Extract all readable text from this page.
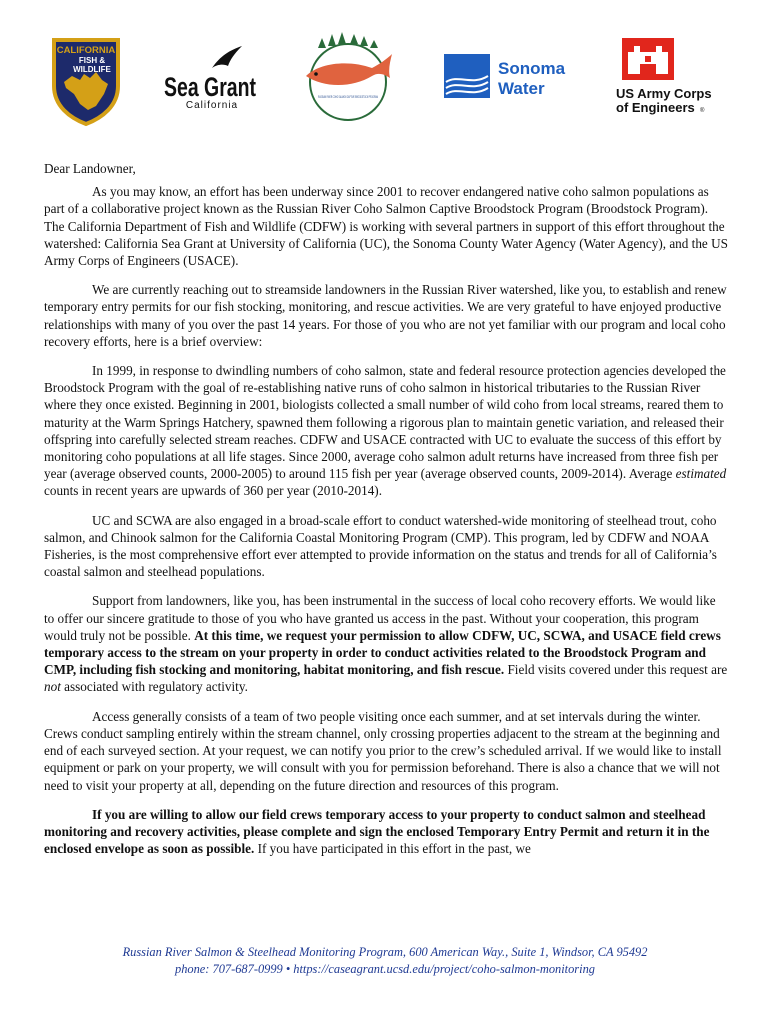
CALIFORNIA
FISH &
WILDLIFE
Sea Grant
California
RUSSIAN RIVER COHO SALMON CAPTIVE BROODSTOCK PROGRAM
Sonoma
Water	US Army Corps
of Engineers ®

Dear Landowner,

As you may know, an effort has been underway since 2001 to recover endangered native coho salmon populations as part of a collaborative project known as the Russian River Coho Salmon Captive Broodstock Program (Broodstock Program). The California Department of Fish and Wildlife (CDFW) is working with several partners in support of this effort throughout the watershed: California Sea Grant at University of California (UC), the Sonoma County Water Agency (Water Agency), and the US Army Corps of Engineers (USACE).

We are currently reaching out to streamside landowners in the Russian River watershed, like you, to establish and renew temporary entry permits for our fish stocking, monitoring, and rescue activities. We are very grateful to have enjoyed productive relationships with many of you over the past 14 years. For those of you who are not yet familiar with our program and local coho recovery efforts, here is a brief overview:

In 1999, in response to dwindling numbers of coho salmon, state and federal resource protection agencies developed the Broodstock Program with the goal of re-establishing native runs of coho salmon in historical tributaries to the Russian River where they once existed. Beginning in 2001, biologists collected a small number of wild coho from local streams, reared them to maturity at the Warm Springs Hatchery, spawned them following a rigorous plan to maintain genetic variation, and released their offspring into carefully selected stream reaches. CDFW and USACE contracted with UC to evaluate the success of this effort by monitoring coho populations at all life stages. Since 2000, average coho salmon adult returns have increased from three fish per year (average observed counts, 2000-2005) to around 115 fish per year (average observed counts, 2009-2014). Average estimated counts in recent years are upwards of 360 per year (2010-2014).

UC and SCWA are also engaged in a broad-scale effort to conduct watershed-wide monitoring of steelhead trout, coho salmon, and Chinook salmon for the California Coastal Monitoring Program (CMP). This program, led by CDFW and NOAA Fisheries, is the most comprehensive effort ever attempted to provide information on the status and trends for all of California’s coastal salmon and steelhead populations.

Support from landowners, like you, has been instrumental in the success of local coho recovery efforts. We would like to offer our sincere gratitude to those of you who have granted us access in the past. Without your cooperation, this program would truly not be possible. At this time, we request your permission to allow CDFW, UC, SCWA, and USACE field crews temporary access to the stream on your property in order to conduct activities related to the Broodstock Program and CMP, including fish stocking and monitoring, habitat monitoring, and fish rescue. Field visits covered under this request are not associated with regulatory activity.

Access generally consists of a team of two people visiting once each summer, and at set intervals during the winter. Crews conduct sampling entirely within the stream channel, only crossing properties adjacent to the stream at the beginning and end of each surveyed section. At your request, we can notify you prior to the crew’s scheduled arrival. If we would like to install equipment or park on your property, we will consult with you for permission beforehand. There is also a chance that we will not need to visit your property at all, depending on the future direction and resources of this program.

If you are willing to allow our field crews temporary access to your property to conduct salmon and steelhead monitoring and recovery activities, please complete and sign the enclosed Temporary Entry Permit and return it in the enclosed envelope as soon as possible. If you have participated in this effort in the past, we

Russian River Salmon & Steelhead Monitoring Program, 600 American Way., Suite 1, Windsor, CA 95492
phone: 707-687-0999 • https://caseagrant.ucsd.edu/project/coho-salmon-monitoring
